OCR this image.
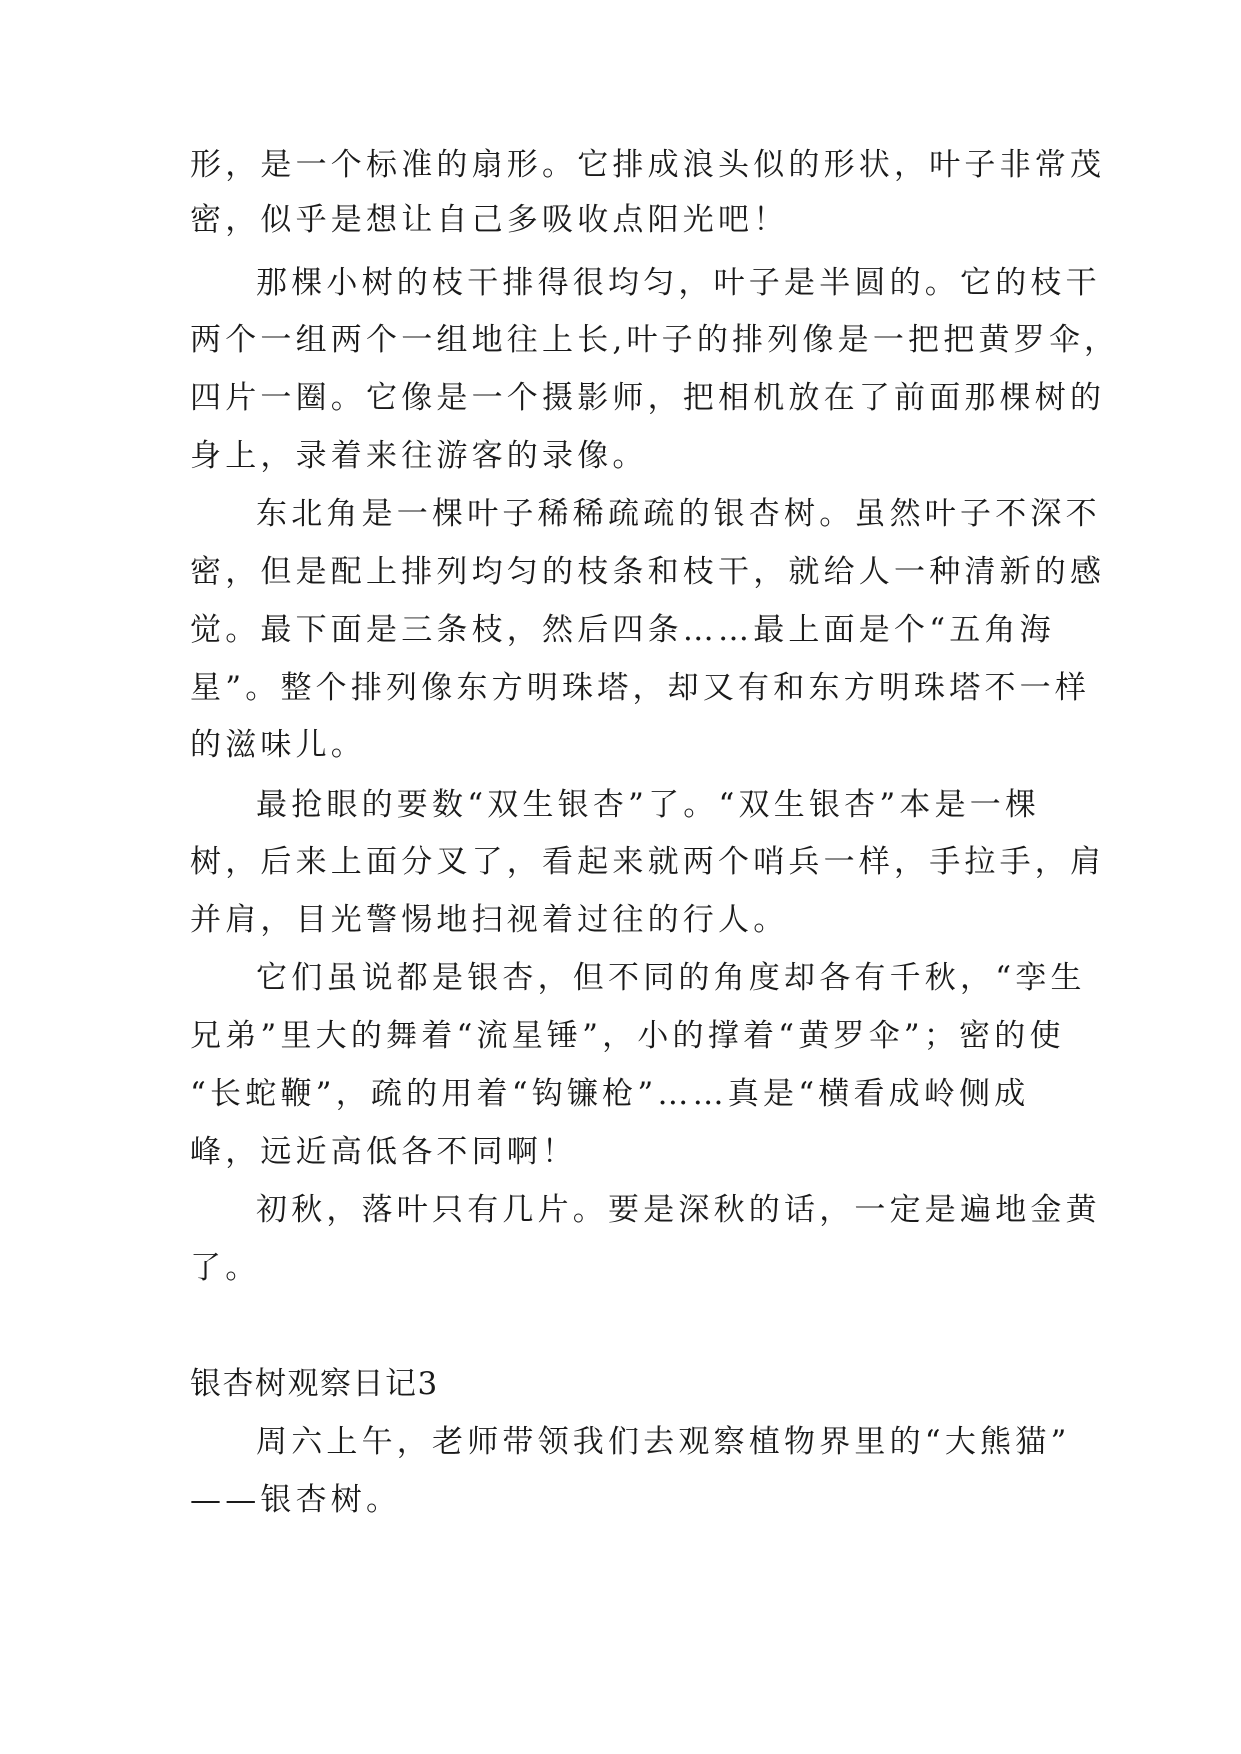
形，是一个标准的扇形。它排成浪头似的形状，叶子非常茂
密，似乎是想让自己多吸收点阳光吧！
那棵小树的枝干排得很均匀，叶子是半圆的。它的枝干
两个一组两个一组地往上长,叶子的排列像是一把把黄罗伞，
四片一圈。它像是一个摄影师，把相机放在了前面那棵树的
身上，录着来往游客的录像。
东北角是一棵叶子稀稀疏疏的银杏树。虽然叶子不深不
密，但是配上排列均匀的枝条和枝干，就给人一种清新的感
觉。最下面是三条枝，然后四条……最上面是个“五角海
星”。整个排列像东方明珠塔，却又有和东方明珠塔不一样
的滋味儿。
最抢眼的要数“双生银杏”了。“双生银杏”本是一棵
树，后来上面分叉了，看起来就两个哨兵一样，手拉手，肩
并肩，目光警惕地扫视着过往的行人。
它们虽说都是银杏，但不同的角度却各有千秋，“孪生
兄弟”里大的舞着“流星锤”，小的撑着“黄罗伞”；密的使
“长蛇鞭”，疏的用着“钩镰枪”……真是“横看成岭侧成
峰，远近高低各不同啊！
初秋，落叶只有几片。要是深秋的话，一定是遍地金黄
了。
银杏树观察日记3
周六上午，老师带领我们去观察植物界里的“大熊猫”
——银杏树。
